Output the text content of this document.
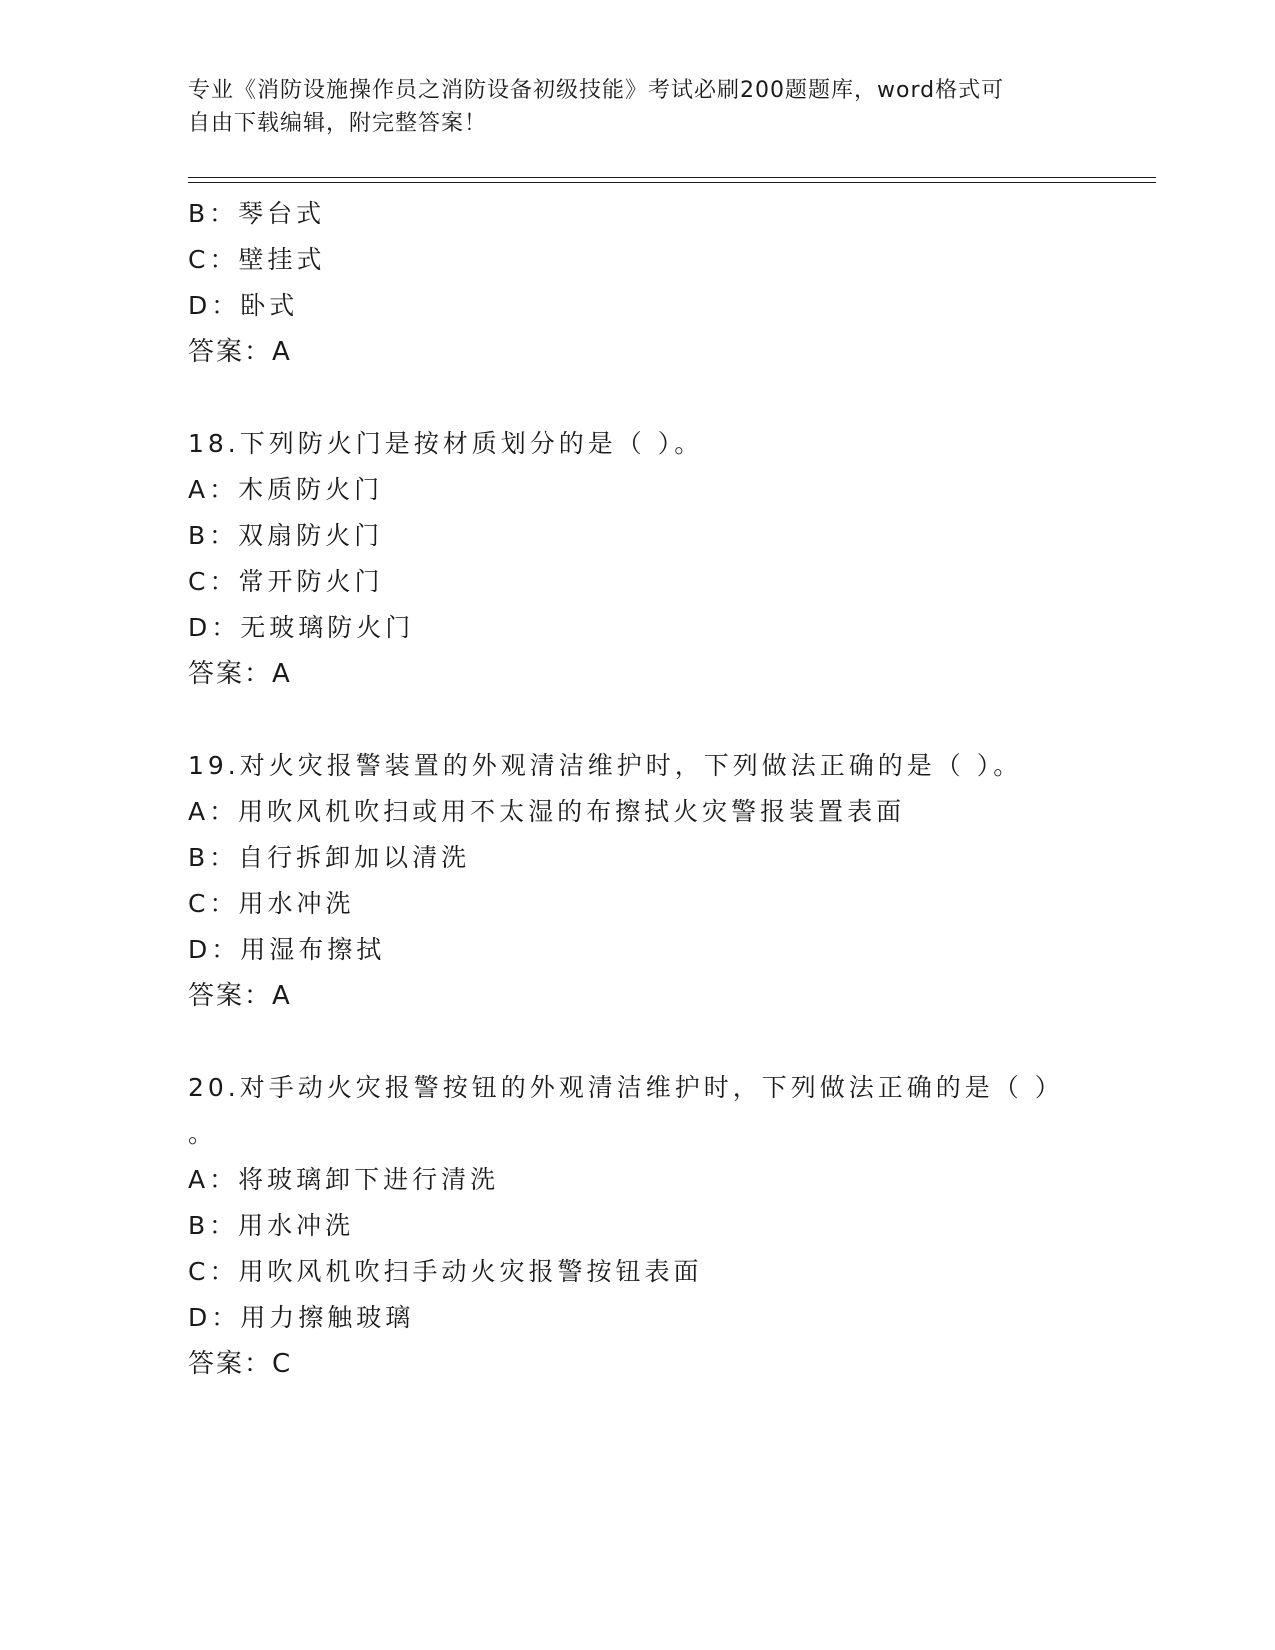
专业《消防设施操作员之消防设备初级技能》考试必刷200题题库，word格式可
自由下载编辑，附完整答案！
B：琴台式
C：壁挂式
D：卧式
答案：A
18.下列防火门是按材质划分的是（ ）。
A：木质防火门
B：双扇防火门
C：常开防火门
D：无玻璃防火门
答案：A
19.对火灾报警装置的外观清洁维护时，下列做法正确的是（ ）。
A：用吹风机吹扫或用不太湿的布擦拭火灾警报装置表面
B：自行拆卸加以清洗
C：用水冲洗
D：用湿布擦拭
答案：A
20.对手动火灾报警按钮的外观清洁维护时，下列做法正确的是（ ）
。
A：将玻璃卸下进行清洗
B：用水冲洗
C：用吹风机吹扫手动火灾报警按钮表面
D：用力擦触玻璃
答案：C
